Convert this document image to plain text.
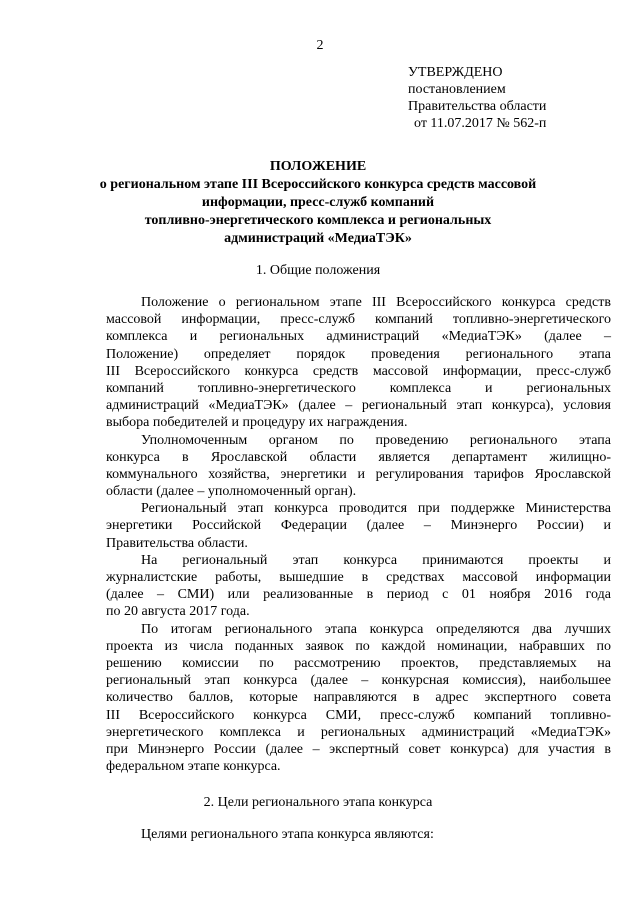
2
УТВЕРЖДЕНО
постановлением
Правительства области
от 11.07.2017 № 562-п
ПОЛОЖЕНИЕ
о региональном этапе III Всероссийского конкурса средств массовой
информации, пресс-служб компаний
топливно-энергетического комплекса и региональных
администраций «МедиаТЭК»
1. Общие положения
Положение о региональном этапе III Всероссийского конкурса средств
массовой информации, пресс-служб компаний топливно-энергетического
комплекса и региональных администраций «МедиаТЭК» (далее –
Положение) определяет порядок проведения регионального этапа
III Всероссийского конкурса средств массовой информации, пресс-служб
компаний топливно-энергетического комплекса и региональных
администраций «МедиаТЭК» (далее – региональный этап конкурса), условия
выбора победителей и процедуру их награждения.
Уполномоченным органом по проведению регионального этапа
конкурса в Ярославской области является департамент жилищно-
коммунального хозяйства, энергетики и регулирования тарифов Ярославской
области (далее – уполномоченный орган).
Региональный этап конкурса проводится при поддержке Министерства
энергетики Российской Федерации (далее – Минэнерго России) и
Правительства области.
На региональный этап конкурса принимаются проекты и
журналистские работы, вышедшие в средствах массовой информации
(далее – СМИ) или реализованные в период с 01 ноября 2016 года
по 20 августа 2017 года.
По итогам регионального этапа конкурса определяются два лучших
проекта из числа поданных заявок по каждой номинации, набравших по
решению комиссии по рассмотрению проектов, представляемых на
региональный этап конкурса (далее – конкурсная комиссия), наибольшее
количество баллов, которые направляются в адрес экспертного совета
III Всероссийского конкурса СМИ, пресс-служб компаний топливно-
энергетического комплекса и региональных администраций «МедиаТЭК»
при Минэнерго России (далее – экспертный совет конкурса) для участия в
федеральном этапе конкурса.
2. Цели регионального этапа конкурса
Целями регионального этапа конкурса являются:
